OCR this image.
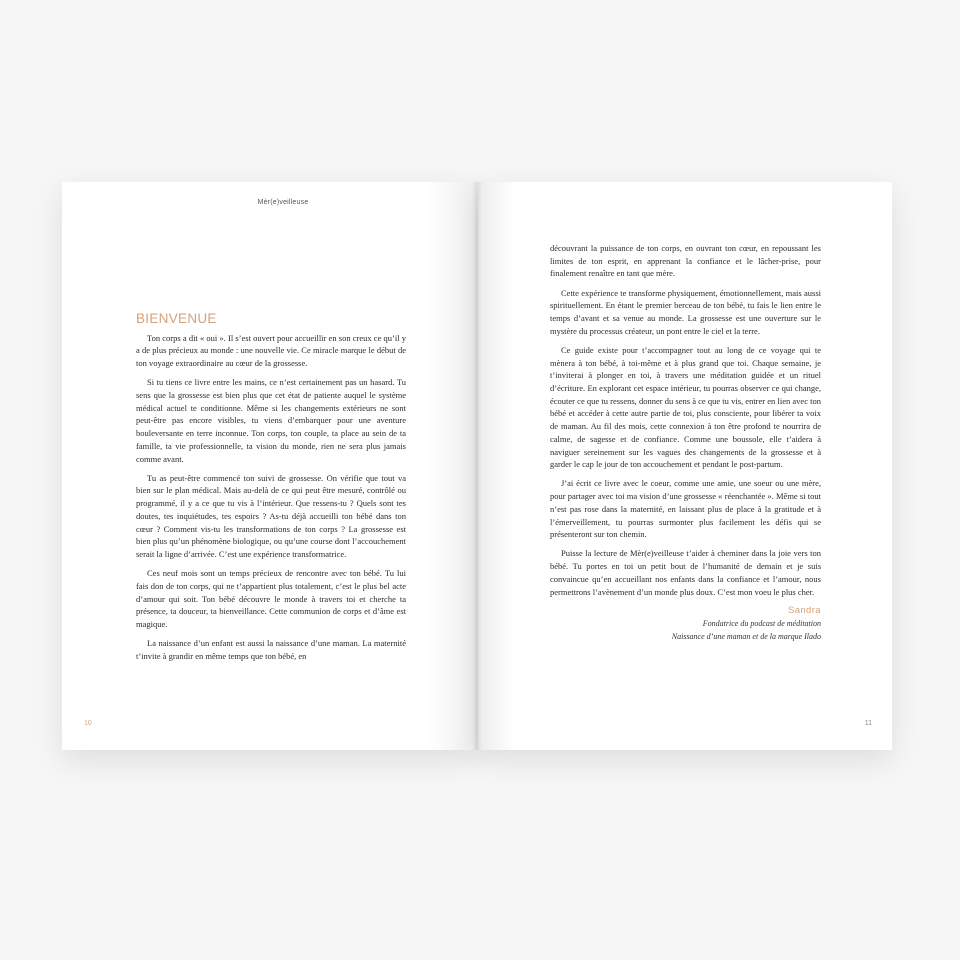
Mèr(e)veilleuse
BIENVENUE

Ton corps a dit « oui ». Il s’est ouvert pour accueillir en son creux ce qu’il y a de plus précieux au monde : une nouvelle vie. Ce miracle marque le début de ton voyage extraordinaire au cœur de la grossesse.

Si tu tiens ce livre entre les mains, ce n’est certainement pas un hasard. Tu sens que la grossesse est bien plus que cet état de patiente auquel le système médical actuel te conditionne. Même si les changements extérieurs ne sont peut-être pas encore visibles, tu viens d’embarquer pour une aventure bouleversante en terre inconnue. Ton corps, ton couple, ta place au sein de ta famille, ta vie professionnelle, ta vision du monde, rien ne sera plus jamais comme avant.

Tu as peut-être commencé ton suivi de grossesse. On vérifie que tout va bien sur le plan médical. Mais au-delà de ce qui peut être mesuré, contrôlé ou programmé, il y a ce que tu vis à l’intérieur. Que ressens-tu ? Quels sont tes doutes, tes inquiétudes, tes espoirs ? As-tu déjà accueilli ton bébé dans ton cœur ? Comment vis-tu les transformations de ton corps ? La grossesse est bien plus qu’un phénomène biologique, ou qu’une course dont l’accouchement serait la ligne d’arrivée. C’est une expérience transformatrice.

Ces neuf mois sont un temps précieux de rencontre avec ton bébé. Tu lui fais don de ton corps, qui ne t’appartient plus totalement, c’est le plus bel acte d’amour qui soit. Ton bébé découvre le monde à travers toi et cherche ta présence, ta douceur, ta bienveillance. Cette communion de corps et d’âme est magique.

La naissance d’un enfant est aussi la naissance d’une maman. La maternité t’invite à grandir en même temps que ton bébé, en

10

découvrant la puissance de ton corps, en ouvrant ton cœur, en repoussant les limites de ton esprit, en apprenant la confiance et le lâcher-prise, pour finalement renaître en tant que mère.

Cette expérience te transforme physiquement, émotionnellement, mais aussi spirituellement. En étant le premier berceau de ton bébé, tu fais le lien entre le temps d’avant et sa venue au monde. La grossesse est une ouverture sur le mystère du processus créateur, un pont entre le ciel et la terre.

Ce guide existe pour t’accompagner tout au long de ce voyage qui te mènera à ton bébé, à toi-même et à plus grand que toi. Chaque semaine, je t’inviterai à plonger en toi, à travers une méditation guidée et un rituel d’écriture. En explorant cet espace intérieur, tu pourras observer ce qui change, écouter ce que tu ressens, donner du sens à ce que tu vis, entrer en lien avec ton bébé et accéder à cette autre partie de toi, plus consciente, pour libérer ta voix de maman. Au fil des mois, cette connexion à ton être profond te nourrira de calme, de sagesse et de confiance. Comme une boussole, elle t’aidera à naviguer sereinement sur les vagues des changements de la grossesse et à garder le cap le jour de ton accouchement et pendant le post-partum.

J’ai écrit ce livre avec le coeur, comme une amie, une soeur ou une mère, pour partager avec toi ma vision d’une grossesse « réenchantée ». Même si tout n’est pas rose dans la maternité, en laissant plus de place à la gratitude et à l’émerveillement, tu pourras surmonter plus facilement les défis qui se présenteront sur ton chemin.

Puisse la lecture de Mèr(e)veilleuse t’aider à cheminer dans la joie vers ton bébé. Tu portes en toi un petit bout de l’humanité de demain et je suis convaincue qu’en accueillant nos enfants dans la confiance et l’amour, nous permettrons l’avènement d’un monde plus doux. C’est mon voeu le plus cher.

Sandra
Fondatrice du podcast de méditation
Naissance d’une maman et de la marque Ilado
11
